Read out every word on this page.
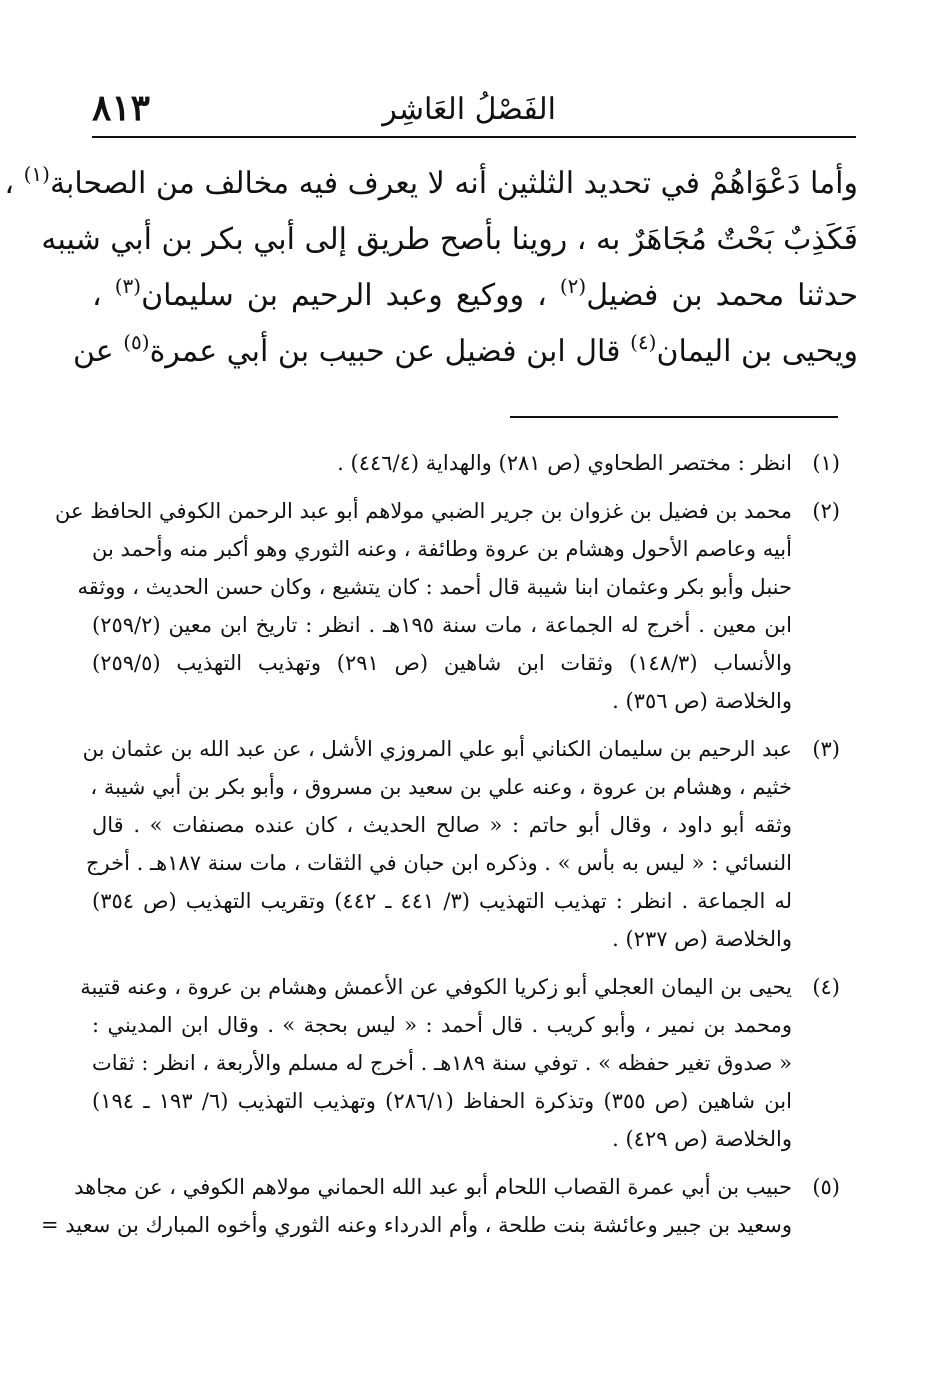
الفَصْلُ العَاشِر
٨١٣
وأما دَعْوَاهُمْ في تحديد الثلثين أنه لا يعرف فيه مخالف من الصحابة$^{(١)}$ ،
فَكَذِبٌ بَحْتٌ مُجَاهَرٌ به ، روينا بأصح طريق إلى أبي بكر بن أبي شيبه
حدثنا محمد بن فضيل$^{(٢)}$ ، ووكيع وعبد الرحيم بن سليمان$^{(٣)}$ ،
ويحيى بن اليمان$^{(٤)}$ قال ابن فضيل عن حبيب بن أبي عمرة$^{(٥)}$ عن
(١)
انظر : مختصر الطحاوي (ص ٢٨١) والهداية (٤٤٦/٤) .
(٢)
محمد بن فضيل بن غزوان بن جرير الضبي مولاهم أبو عبد الرحمن الكوفي الحافظ عن
أبيه وعاصم الأحول وهشام بن عروة وطائفة ، وعنه الثوري وهو أكبر منه وأحمد بن
حنبل وأبو بكر وعثمان ابنا شيبة قال أحمد : كان يتشيع ، وكان حسن الحديث ، ووثقه
ابن معين . أخرج له الجماعة ، مات سنة ١٩٥هـ . انظر : تاريخ ابن معين (٢٥٩/٢)
والأنساب (١٤٨/٣) وثقات ابن شاهين (ص ٢٩١) وتهذيب التهذيب (٢٥٩/٥)
والخلاصة (ص ٣٥٦) .
(٣)
عبد الرحيم بن سليمان الكناني أبو علي المروزي الأشل ، عن عبد الله بن عثمان بن
خثيم ، وهشام بن عروة ، وعنه علي بن سعيد بن مسروق ، وأبو بكر بن أبي شيبة ،
وثقه أبو داود ، وقال أبو حاتم : « صالح الحديث ، كان عنده مصنفات » . قال
النسائي : « ليس به بأس » . وذكره ابن حبان في الثقات ، مات سنة ١٨٧هـ . أخرج
له الجماعة . انظر : تهذيب التهذيب (٣/ ٤٤١ ـ ٤٤٢) وتقريب التهذيب (ص ٣٥٤)
والخلاصة (ص ٢٣٧) .
(٤)
يحيى بن اليمان العجلي أبو زكريا الكوفي عن الأعمش وهشام بن عروة ، وعنه قتيبة
ومحمد بن نمير ، وأبو كريب . قال أحمد : « ليس بحجة » . وقال ابن المديني :
« صدوق تغير حفظه » . توفي سنة ١٨٩هـ . أخرج له مسلم والأربعة ، انظر : ثقات
ابن شاهين (ص ٣٥٥) وتذكرة الحفاظ (٢٨٦/١) وتهذيب التهذيب (٦/ ١٩٣ ـ ١٩٤)
والخلاصة (ص ٤٢٩) .
(٥)
حبيب بن أبي عمرة القصاب اللحام أبو عبد الله الحماني مولاهم الكوفي ، عن مجاهد
وسعيد بن جبير وعائشة بنت طلحة ، وأم الدرداء وعنه الثوري وأخوه المبارك بن سعيد =
